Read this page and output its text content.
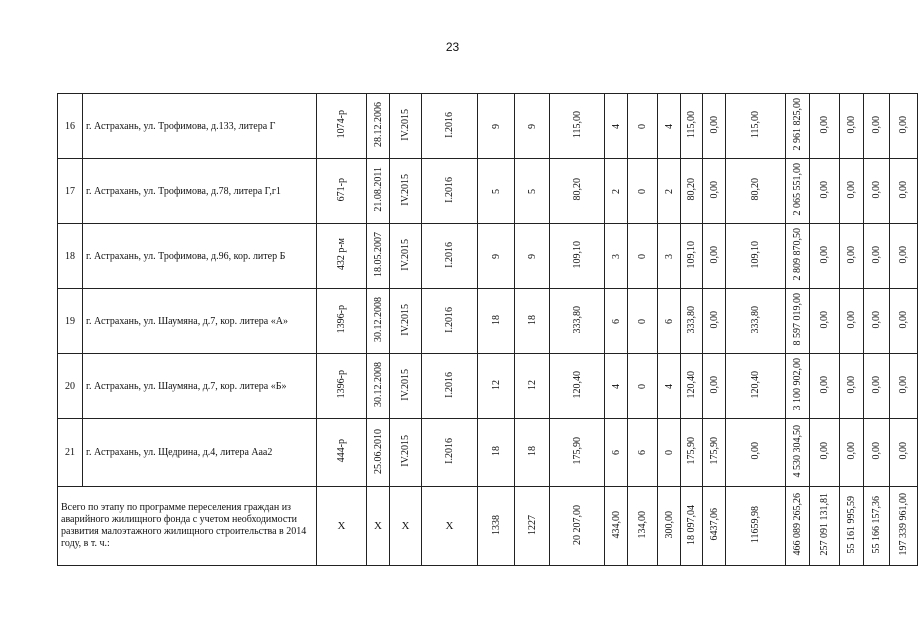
23
16	г. Астрахань, ул. Трофимова, д.133, литера Г	1074-р	28.12.2006	IV.2015	I.2016	9	9	115,00	4	0	4	115,00	0,00	115,00	2 961 825,00	0,00	0,00	0,00	0,00
17	г. Астрахань, ул. Трофимова, д.78, литера Г,г1	671-р	21.08.2011	IV.2015	I.2016	5	5	80,20	2	0	2	80,20	0,00	80,20	2 065 551,00	0,00	0,00	0,00	0,00
18	г. Астрахань, ул. Трофимова, д.96, кор. литер Б	432 р-м	18.05.2007	IV.2015	I.2016	9	9	109,10	3	0	3	109,10	0,00	109,10	2 809 870,50	0,00	0,00	0,00	0,00
19	г. Астрахань, ул. Шаумяна, д.7, кор. литера «А»	1396-р	30.12.2008	IV.2015	I.2016	18	18	333,80	6	0	6	333,80	0,00	333,80	8 597 019,00	0,00	0,00	0,00	0,00
20	г. Астрахань, ул. Шаумяна, д.7, кор. литера «Б»	1396-р	30.12.2008	IV.2015	I.2016	12	12	120,40	4	0	4	120,40	0,00	120,40	3 100 902,00	0,00	0,00	0,00	0,00
21	г. Астрахань, ул. Щедрина, д.4, литера Ааа2	444-р	25.06.2010	IV.2015	I.2016	18	18	175,90	6	6	0	175,90	175,90	0,00	4 530 304,50	0,00	0,00	0,00	0,00
Всего по этапу по программе переселения граждан из аварийного жилищного фонда с учетом необходимости развития малоэтажного жилищного строительства в 2014 году, в т. ч.:		X	X	X	X	1338	1227	20 207,00	434,00	134,00	300,00	18 097,04	6437,06	11659,98	466 089 265,26	257 091 131,81	55 161 995,59	55 166 157,36	197 339 961,00
